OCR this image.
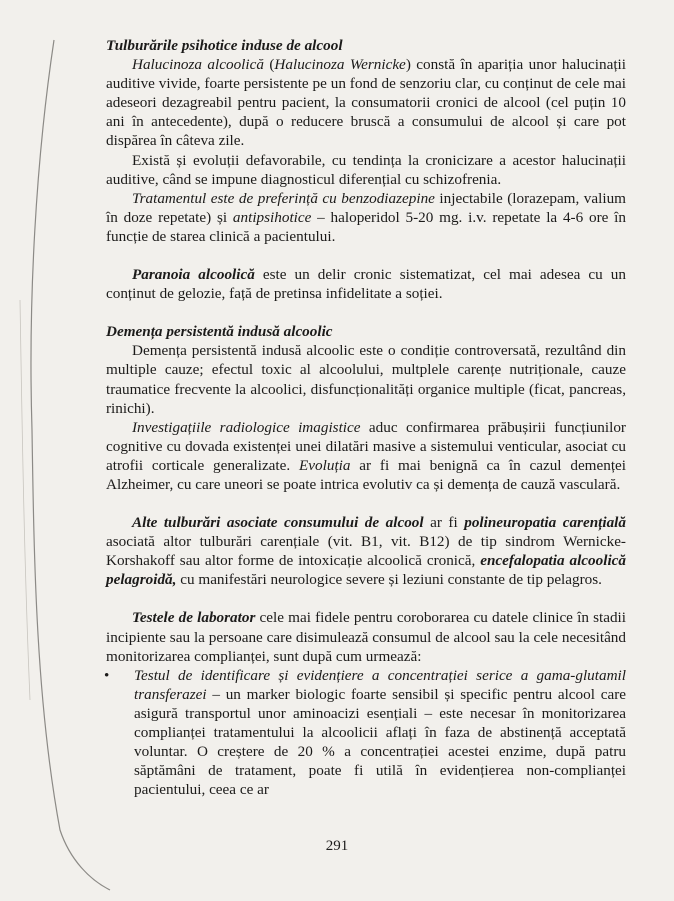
Tulburările psihotice induse de alcool

Halucinoza alcoolică (Halucinoza Wernicke) constă în apariția unor halucinații auditive vivide, foarte persistente pe un fond de senzoriu clar, cu conținut de cele mai adeseori dezagreabil pentru pacient, la consumatorii cronici de alcool (cel puțin 10 ani în antecedente), după o reducere bruscă a consumului de alcool și care pot dispărea în câteva zile.

Există și evoluții defavorabile, cu tendința la cronicizare a acestor halucinații auditive, când se impune diagnosticul diferențial cu schizofrenia.

Tratamentul este de preferință cu benzodiazepine injectabile (lorazepam, valium în doze repetate) și antipsihotice – haloperidol 5-20 mg. i.v. repetate la 4-6 ore în funcție de starea clinică a pacientului.

Paranoia alcoolică este un delir cronic sistematizat, cel mai adesea cu un conținut de gelozie, față de pretinsa infidelitate a soției.

Demența persistentă indusă alcoolic

Demența persistentă indusă alcoolic este o condiție controversată, rezultând din multiple cauze; efectul toxic al alcoolului, multplele carențe nutriționale, cauze traumatice frecvente la alcoolici, disfuncționalități organice multiple (ficat, pancreas, rinichi).

Investigațiile radiologice imagistice aduc confirmarea prăbușirii funcțiunilor cognitive cu dovada existenței unei dilatări masive a sistemului venticular, asociat cu atrofii corticale generalizate. Evoluția ar fi mai benignă ca în cazul demenței Alzheimer, cu care uneori se poate intrica evolutiv ca și demența de cauză vasculară.

Alte tulburări asociate consumului de alcool ar fi polineuropatia carențială asociată altor tulburări carențiale (vit. B1, vit. B12) de tip sindrom Wernicke-Korshakoff sau altor forme de intoxicație alcoolică cronică, encefalopatia alcoolică pelagroidă, cu manifestări neurologice severe și leziuni constante de tip pelagros.

Testele de laborator cele mai fidele pentru coroborarea cu datele clinice în stadii incipiente sau la persoane care disimulează consumul de alcool sau la cele necesitând monitorizarea complianței, sunt după cum urmează:

• Testul de identificare și evidențiere a concentrației serice a gama-glutamil transferazei – un marker biologic foarte sensibil și specific pentru alcool care asigură transportul unor aminoacizi esențiali – este necesar în monitorizarea complianței tratamentului la alcoolicii aflați în faza de abstinență acceptată voluntar. O creștere de 20 % a concentrației acestei enzime, după patru săptămâni de tratament, poate fi utilă în evidențierea non-complianței pacientului, ceea ce ar
291
